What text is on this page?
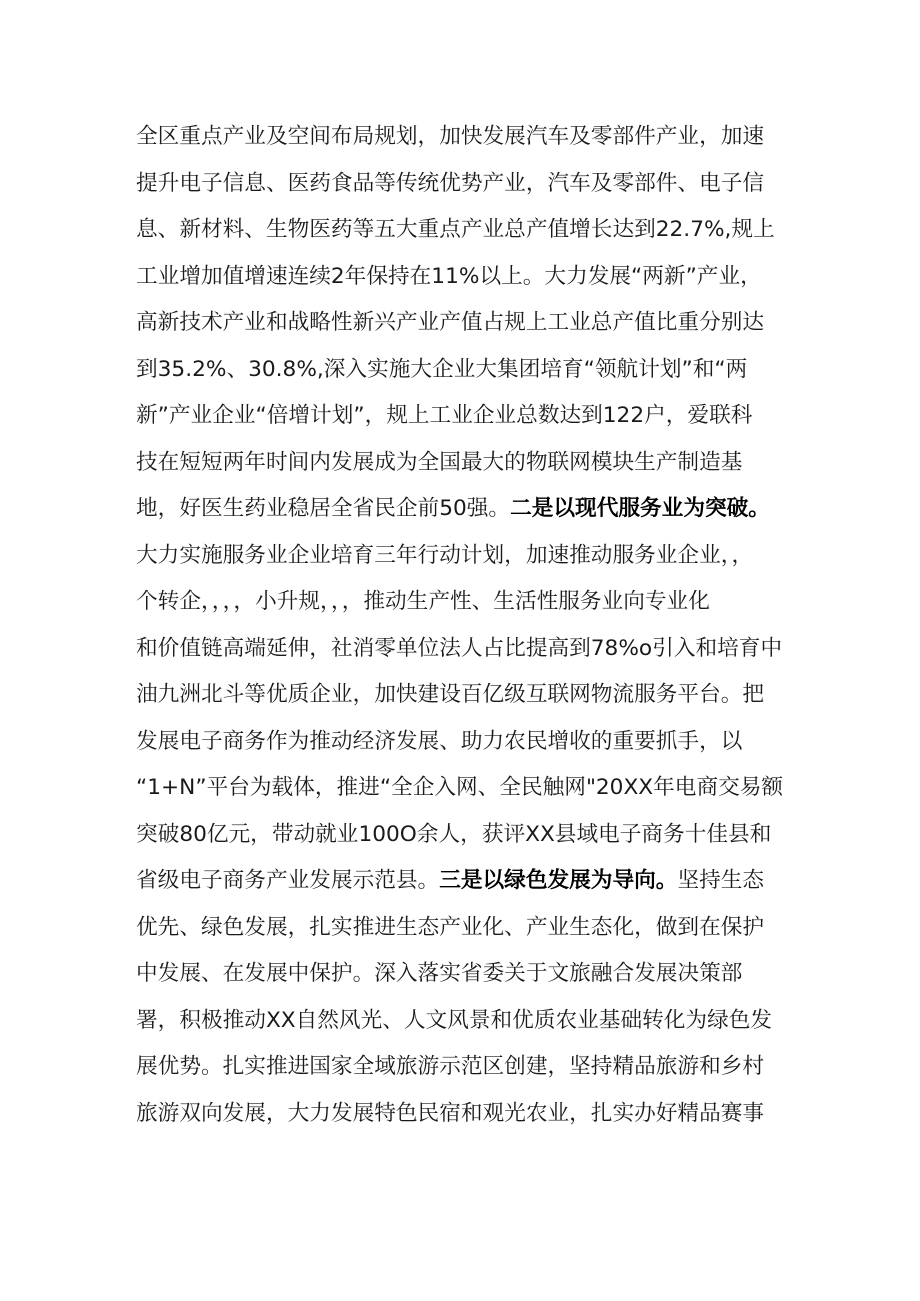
全区重点产业及空间布局规划，加快发展汽车及零部件产业，加速
提升电子信息、医药食品等传统优势产业，汽车及零部件、电子信
息、新材料、生物医药等五大重点产业总产值增长达到22.7%,规上
工业增加值增速连续2年保持在11%以上。大力发展“两新”产业，
高新技术产业和战略性新兴产业产值占规上工业总产值比重分别达
到35.2%、30.8%,深入实施大企业大集团培育“领航计划”和“两
新”产业企业“倍增计划”，规上工业企业总数达到122户，爱联科
技在短短两年时间内发展成为全国最大的物联网模块生产制造基
地，好医生药业稳居全省民企前50强。二是以现代服务业为突破。
大力实施服务业企业培育三年行动计划，加速推动服务业企业，，
个转企，，，，小升规，，，推动生产性、生活性服务业向专业化
和价值链高端延伸，社消零单位法人占比提高到78%o引入和培育中
油九洲北斗等优质企业，加快建设百亿级互联网物流服务平台。把
发展电子商务作为推动经济发展、助力农民增收的重要抓手，以
“1+N”平台为载体，推进“全企入网、全民触网"20XX年电商交易额
突破80亿元，带动就业100O余人，获评XX县域电子商务十佳县和
省级电子商务产业发展示范县。三是以绿色发展为导向。坚持生态
优先、绿色发展，扎实推进生态产业化、产业生态化，做到在保护
中发展、在发展中保护。深入落实省委关于文旅融合发展决策部
署，积极推动XX自然风光、人文风景和优质农业基础转化为绿色发
展优势。扎实推进国家全域旅游示范区创建，坚持精品旅游和乡村
旅游双向发展，大力发展特色民宿和观光农业，扎实办好精品赛事
